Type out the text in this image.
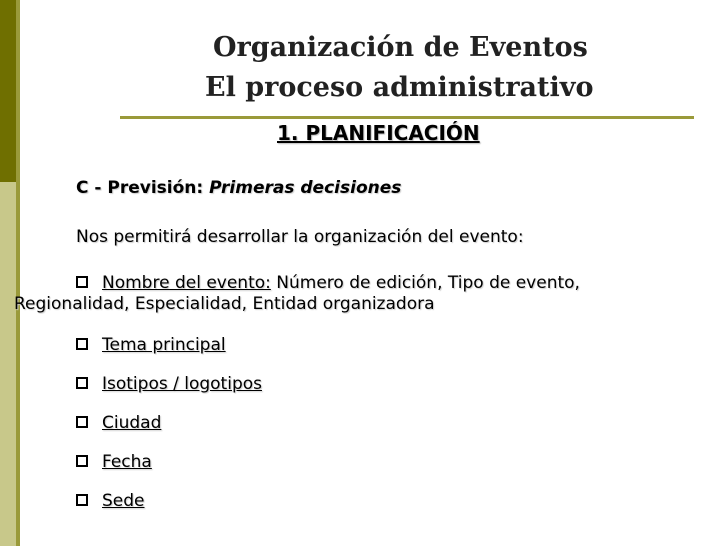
Organización de Eventos
El proceso administrativo
1. PLANIFICACIÓN
C - Previsión: Primeras decisiones
Nos permitirá desarrollar la organización del evento:
Nombre del evento: Número de edición, Tipo de evento,
Regionalidad, Especialidad, Entidad organizadora
Tema principal
Isotipos / logotipos
Ciudad
Fecha
Sede
